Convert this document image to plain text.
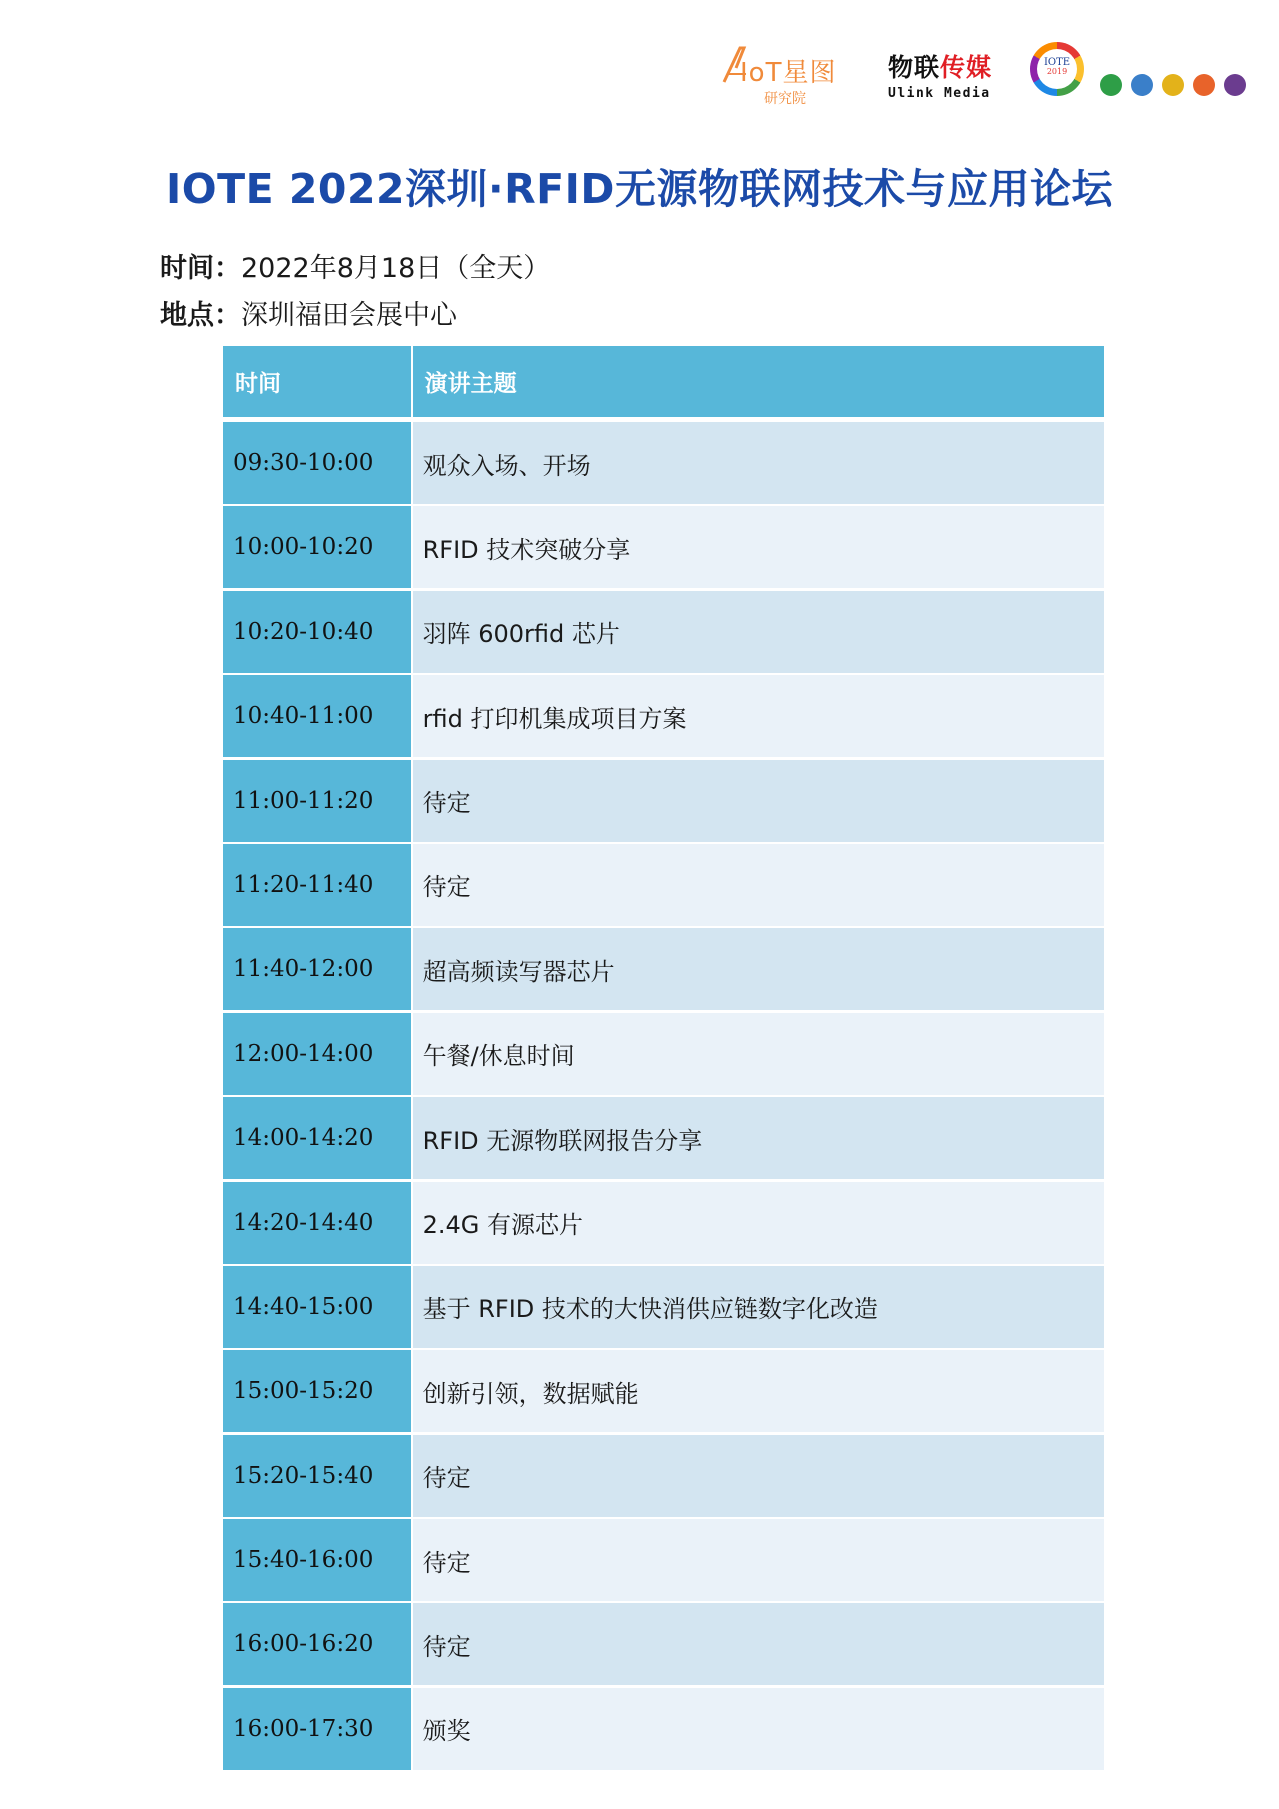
IoT星图
研究院
物联传媒
Ulink Media
IOTE
2019
IOTE 2022深圳·RFID无源物联网技术与应用论坛
时间：2022年8月18日（全天）
地点：深圳福田会展中心
时间	演讲主题
09:30-10:00	观众入场、开场
10:00-10:20	RFID 技术突破分享
10:20-10:40	羽阵 600rfid 芯片
10:40-11:00	rfid 打印机集成项目方案
11:00-11:20	待定
11:20-11:40	待定
11:40-12:00	超高频读写器芯片
12:00-14:00	午餐/休息时间
14:00-14:20	RFID 无源物联网报告分享
14:20-14:40	2.4G 有源芯片
14:40-15:00	基于 RFID 技术的大快消供应链数字化改造
15:00-15:20	创新引领，数据赋能
15:20-15:40	待定
15:40-16:00	待定
16:00-16:20	待定
16:00-17:30	颁奖
